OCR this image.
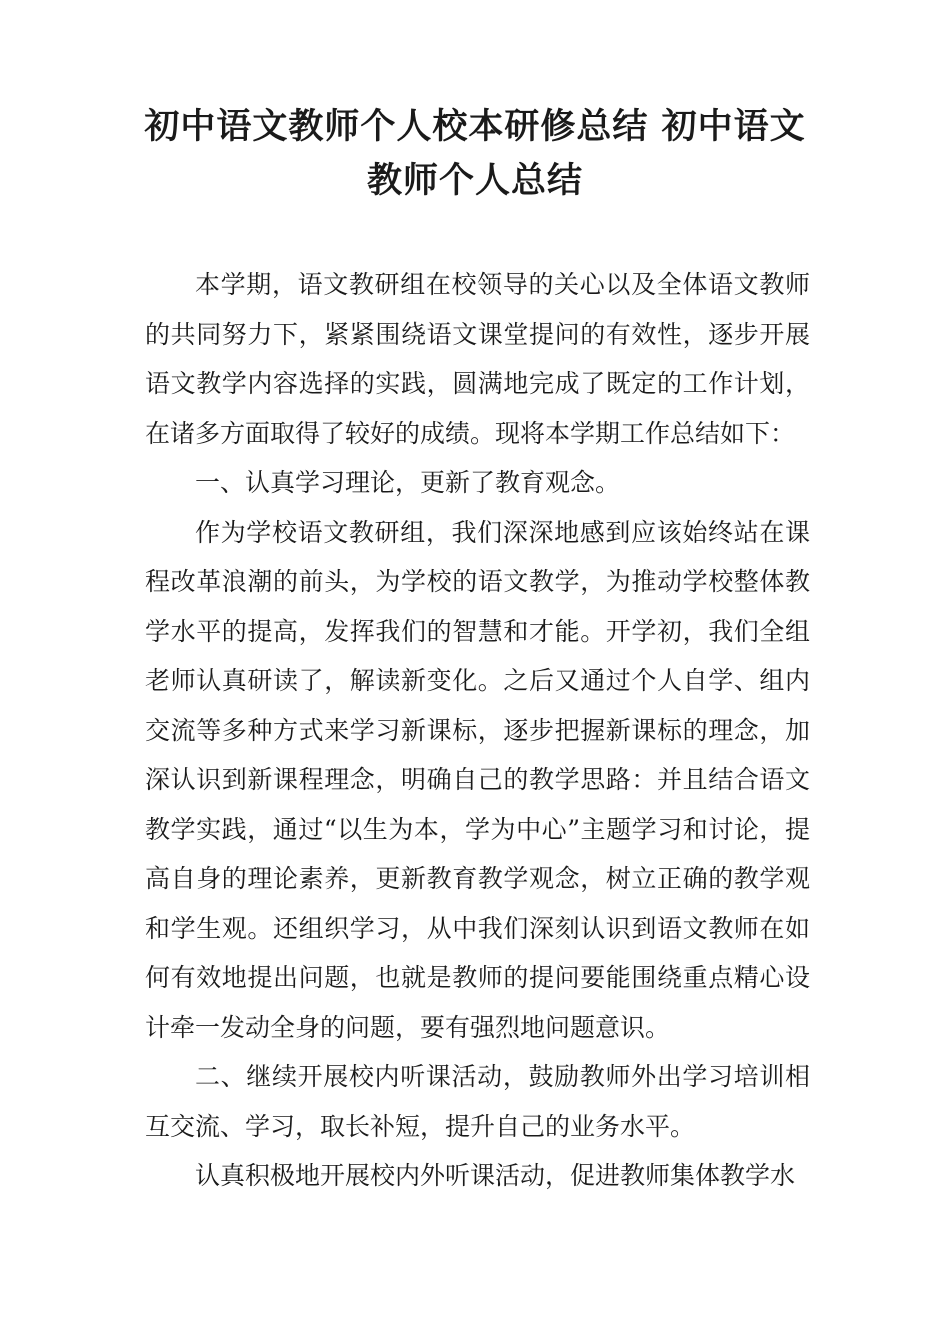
初中语文教师个人校本研修总结 初中语文
教师个人总结

本学期，语文教研组在校领导的关心以及全体语文教师的共同努力下，紧紧围绕语文课堂提问的有效性，逐步开展语文教学内容选择的实践，圆满地完成了既定的工作计划，在诸多方面取得了较好的成绩。现将本学期工作总结如下：

一、认真学习理论，更新了教育观念。

作为学校语文教研组，我们深深地感到应该始终站在课程改革浪潮的前头，为学校的语文教学，为推动学校整体教学水平的提高，发挥我们的智慧和才能。开学初，我们全组老师认真研读了，解读新变化。之后又通过个人自学、组内交流等多种方式来学习新课标，逐步把握新课标的理念，加深认识到新课程理念，明确自己的教学思路：并且结合语文教学实践，通过“以生为本，学为中心”主题学习和讨论，提高自身的理论素养，更新教育教学观念，树立正确的教学观和学生观。还组织学习，从中我们深刻认识到语文教师在如何有效地提出问题，也就是教师的提问要能围绕重点精心设计牵一发动全身的问题，要有强烈地问题意识。

二、继续开展校内听课活动，鼓励教师外出学习培训相互交流、学习，取长补短，提升自己的业务水平。

认真积极地开展校内外听课活动，促进教师集体教学水
